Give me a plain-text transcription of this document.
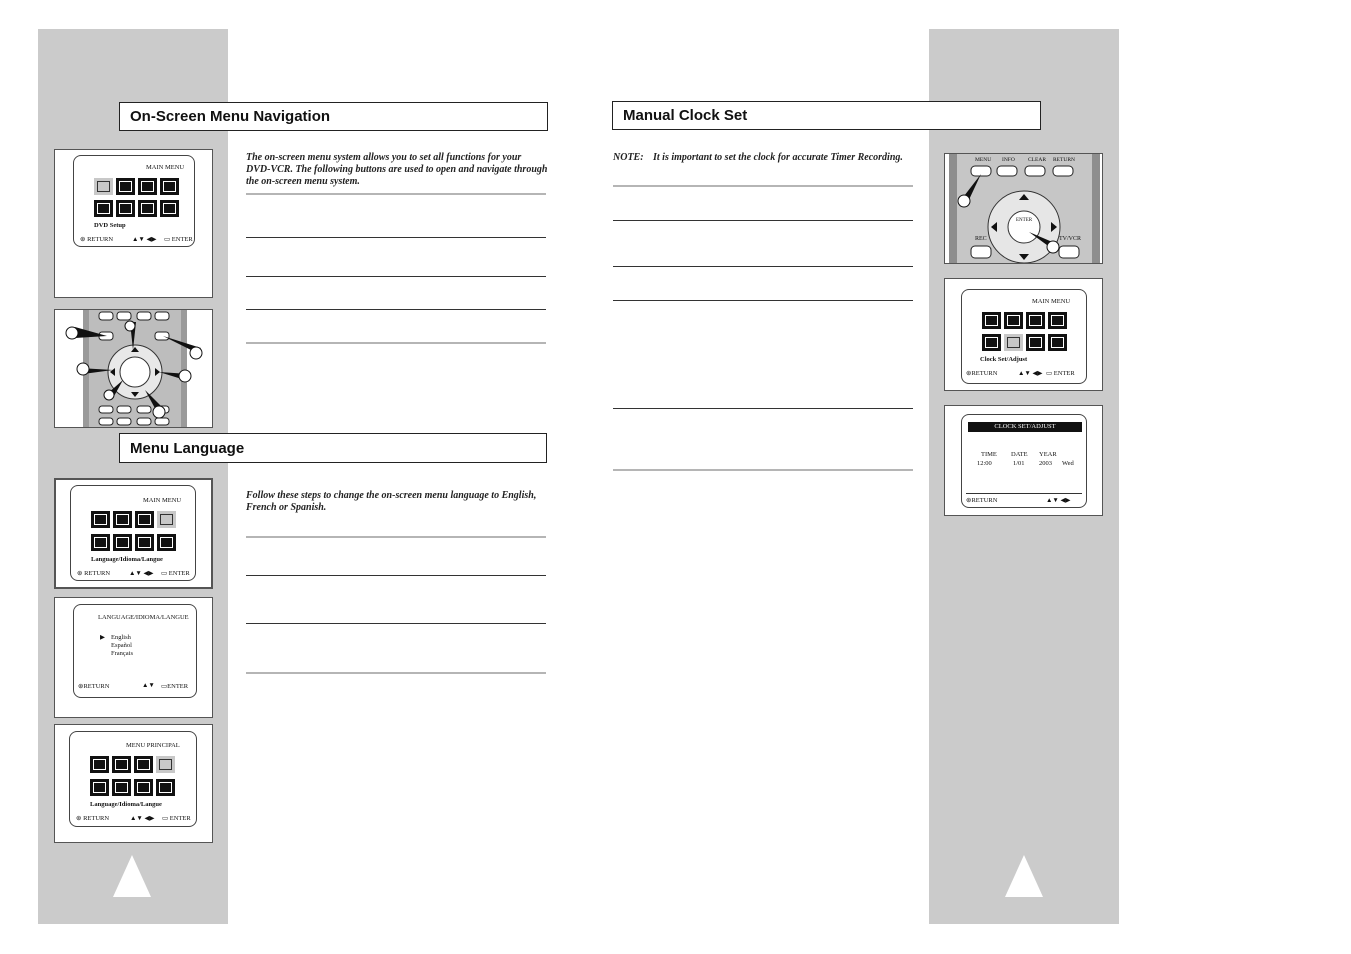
On-Screen Menu Navigation
The on-screen menu system allows you to set all functions for your DVD-VCR. The following buttons are used to open and navigate through the on-screen menu system.
MAIN MENU
DVD Setup
⊛ RETURN	▲▼ ◀▶ ▭ ENTER
Menu Language
Follow these steps to change the on-screen menu language to English, French or Spanish.
MAIN MENU
Language/Idioma/Langue
⊛ RETURN	▲▼ ◀▶ ▭ ENTER
LANGUAGE/IDIOMA/LANGUE
▶ English
Español
Français
⊛RETURN	▲▼ ▭ENTER
MENU PRINCIPAL
Language/Idioma/Langue
⊛ RETURN	▲▼ ◀▶ ▭ ENTER
Manual Clock Set
NOTE: It is important to set the clock for accurate Timer Recording.	MENU INFO CLEAR RETURN
ENTER
REC	TV/VCR
MAIN MENU
Clock Set/Adjust
⊛RETURN	▲▼ ◀▶ ▭ ENTER
CLOCK SET/ADJUST
TIME DATE YEAR
12:00	1/01 2003 Wed
⊛RETURN	▲▼ ◀▶
